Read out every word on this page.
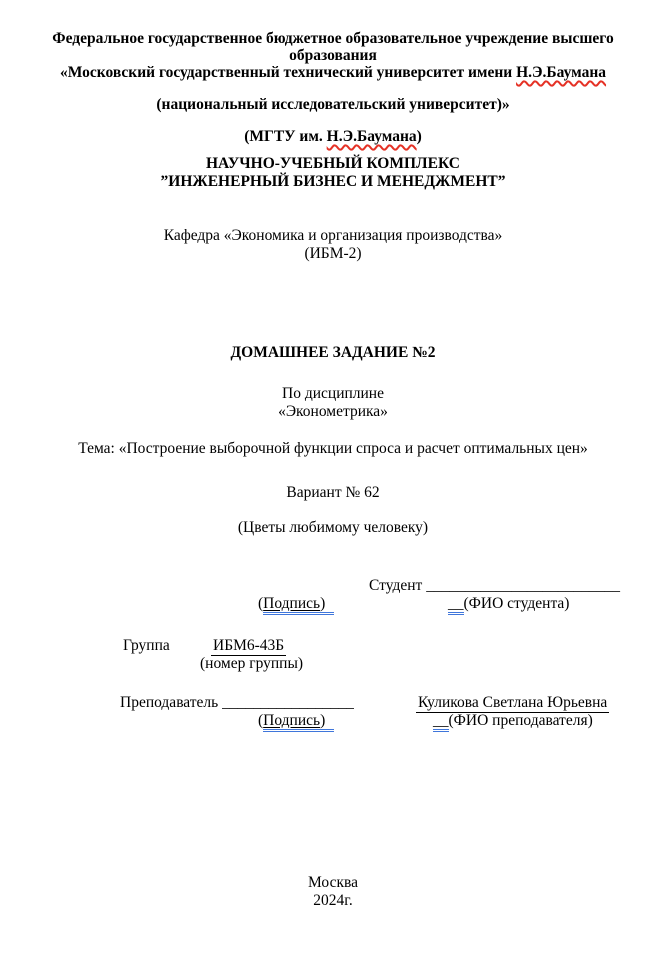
Федеральное государственное бюджетное образовательное учреждение высшего
образования
«Московский государственный технический университет имени Н.Э.Баумана
(национальный исследовательский университет)»
(МГТУ им. Н.Э.Баумана)
НАУЧНО-УЧЕБНЫЙ КОМПЛЕКС
”ИНЖЕНЕРНЫЙ БИЗНЕС И МЕНЕДЖМЕНТ”
Кафедра «Экономика и организация производства»
(ИБМ-2)
ДОМАШНЕЕ ЗАДАНИЕ №2
По дисциплине
«Эконометрика»
Тема: «Построение выборочной функции спроса и расчет оптимальных цен»
Вариант № 62
(Цветы любимому человеку)
Студент _________________________
(Подпись)	__(ФИО студента)
Группа	ИБМ6-43Б
(номер группы)
Преподаватель _________________	Куликова Светлана Юрьевна
(Подпись)	__(ФИО преподавателя)
Москва
2024г.
